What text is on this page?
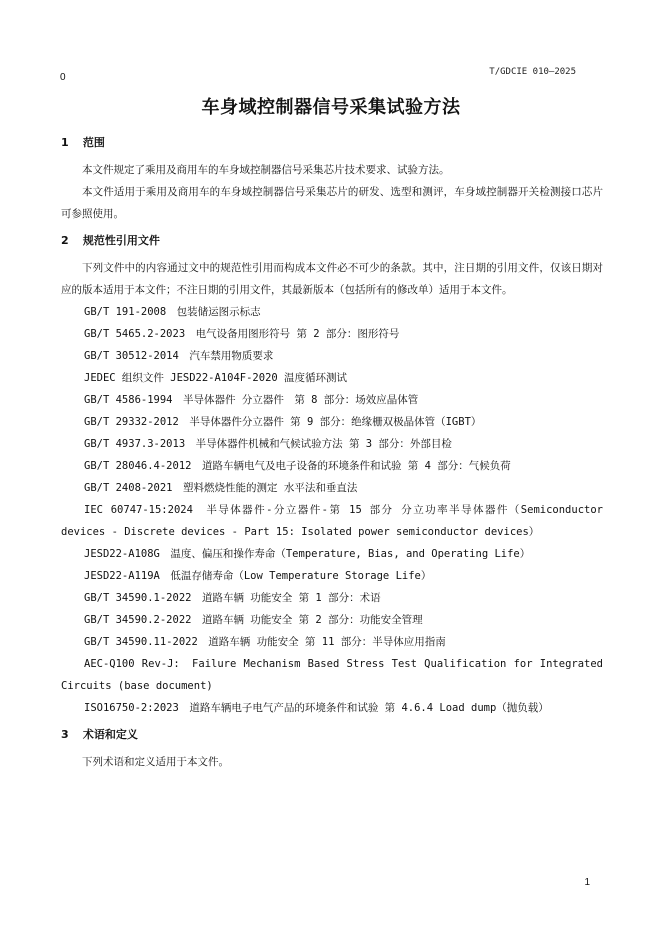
0	T/GDCIE 010—2025
车身域控制器信号采集试验方法
1 范围

本文件规定了乘用及商用车的车身域控制器信号采集芯片技术要求、试验方法。

本文件适用于乘用及商用车的车身域控制器信号采集芯片的研发、选型和测评，车身域控制器开关检测接口芯片可参照使用。

2 规范性引用文件

下列文件中的内容通过文中的规范性引用而构成本文件必不可少的条款。其中，注日期的引用文件，仅该日期对应的版本适用于本文件；不注日期的引用文件，其最新版本（包括所有的修改单）适用于本文件。

GB/T 191-2008　包装储运图示标志

GB/T 5465.2-2023　电气设备用图形符号 第 2 部分：图形符号

GB/T 30512-2014　汽车禁用物质要求

JEDEC 组织文件 JESD22-A104F-2020 温度循环测试

GB/T 4586-1994　半导体器件 分立器件　第 8 部分：场效应晶体管

GB/T 29332-2012　半导体器件分立器件 第 9 部分：绝缘栅双极晶体管（IGBT）

GB/T 4937.3-2013　半导体器件机械和气候试验方法 第 3 部分：外部目检

GB/T 28046.4-2012　道路车辆电气及电子设备的环境条件和试验 第 4 部分：气候负荷

GB/T 2408-2021　塑料燃烧性能的测定 水平法和垂直法

IEC 60747-15:2024　半导体器件-分立器件-第 15 部分 分立功率半导体器件（Semiconductor devices - Discrete devices - Part 15: Isolated power semiconductor devices）

JESD22-A108G　温度、偏压和操作寿命（Temperature, Bias, and Operating Life）

JESD22-A119A　低温存储寿命（Low Temperature Storage Life）

GB/T 34590.1-2022　道路车辆 功能安全 第 1 部分：术语

GB/T 34590.2-2022　道路车辆 功能安全 第 2 部分：功能安全管理

GB/T 34590.11-2022　道路车辆 功能安全 第 11 部分：半导体应用指南

AEC-Q100 Rev-J:　Failure Mechanism Based Stress Test Qualification for Integrated Circuits (base document)

ISO16750-2:2023　道路车辆电子电气产品的环境条件和试验 第 4.6.4 Load dump（抛负载）

3 术语和定义

下列术语和定义适用于本文件。

1
